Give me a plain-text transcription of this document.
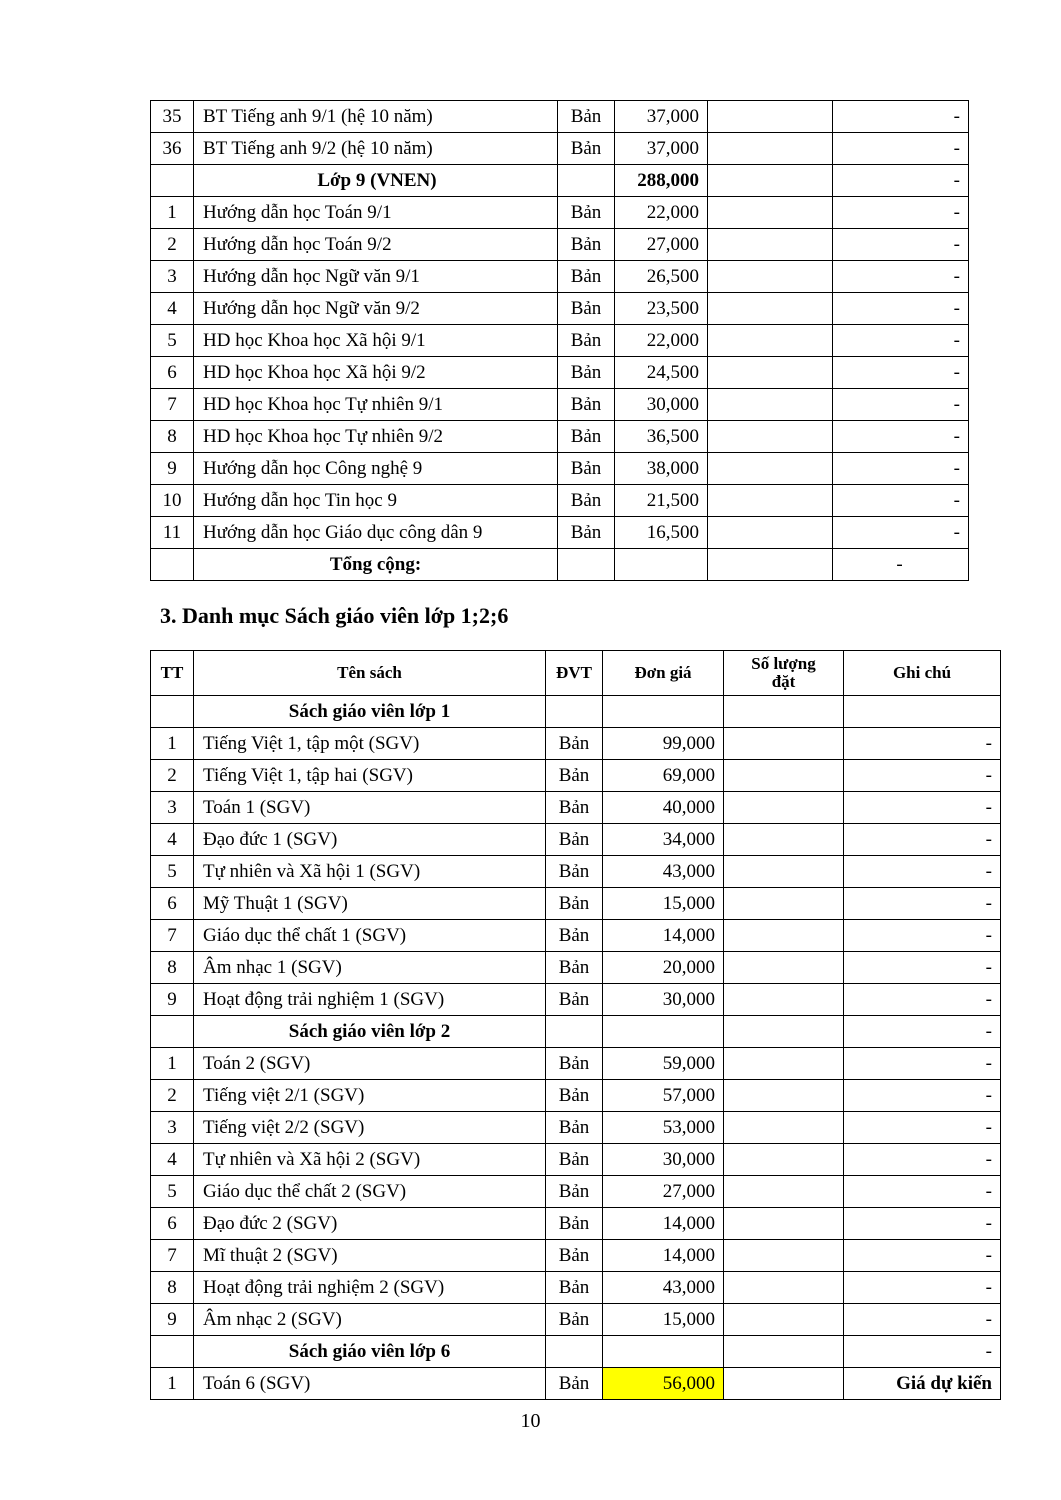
35	BT Tiếng anh 9/1 (hệ 10 năm)	Bản	37,000		-
36	BT Tiếng anh 9/2 (hệ 10 năm)	Bản	37,000		-
	Lớp 9 (VNEN)		288,000		-
1	Hướng dẫn học Toán 9/1	Bản	22,000		-
2	Hướng dẫn học Toán 9/2	Bản	27,000		-
3	Hướng dẫn học Ngữ văn 9/1	Bản	26,500		-
4	Hướng dẫn học Ngữ văn 9/2	Bản	23,500		-
5	HD học Khoa học Xã hội 9/1	Bản	22,000		-
6	HD học Khoa học Xã hội 9/2	Bản	24,500		-
7	HD học Khoa học Tự nhiên 9/1	Bản	30,000		-
8	HD học Khoa học Tự nhiên 9/2	Bản	36,500		-
9	Hướng dẫn học Công nghệ 9	Bản	38,000		-
10	Hướng dẫn học Tin học 9	Bản	21,500		-
11	Hướng dẫn học Giáo dục công dân 9	Bản	16,500		-
	Tổng cộng:				-
3. Danh mục Sách giáo viên lớp 1;2;6
TT	Tên sách	ĐVT	Đơn giá	Số lượng đặt	Ghi chú
	Sách giáo viên lớp 1				
1	Tiếng Việt 1, tập một (SGV)	Bản	99,000		-
2	Tiếng Việt 1, tập hai (SGV)	Bản	69,000		-
3	Toán 1 (SGV)	Bản	40,000		-
4	Đạo đức 1 (SGV)	Bản	34,000		-
5	Tự nhiên và Xã hội 1 (SGV)	Bản	43,000		-
6	Mỹ Thuật 1 (SGV)	Bản	15,000		-
7	Giáo dục thể chất 1 (SGV)	Bản	14,000		-
8	Âm nhạc 1 (SGV)	Bản	20,000		-
9	Hoạt động trải nghiệm 1 (SGV)	Bản	30,000		-
	Sách giáo viên lớp 2				-
1	Toán 2 (SGV)	Bản	59,000		-
2	Tiếng việt 2/1 (SGV)	Bản	57,000		-
3	Tiếng việt 2/2 (SGV)	Bản	53,000		-
4	Tự nhiên và Xã hội 2 (SGV)	Bản	30,000		-
5	Giáo dục thể chất 2 (SGV)	Bản	27,000		-
6	Đạo đức 2 (SGV)	Bản	14,000		-
7	Mĩ thuật 2 (SGV)	Bản	14,000		-
8	Hoạt động trải nghiệm 2 (SGV)	Bản	43,000		-
9	Âm nhạc 2 (SGV)	Bản	15,000		-
	Sách giáo viên lớp 6				-
1	Toán 6 (SGV)	Bản	56,000		Giá dự kiến
10
